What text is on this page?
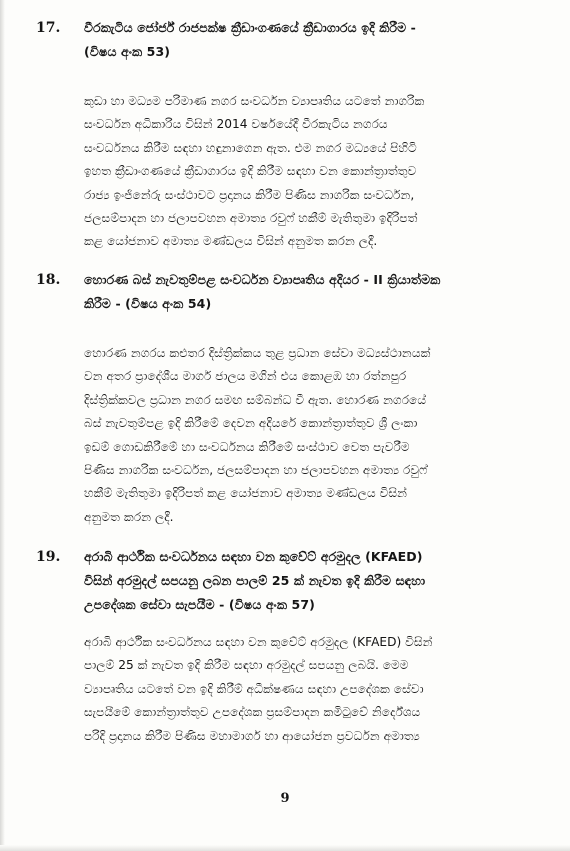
17.	වීරකැටිය ජෝර්ජ් රාජපක්ෂ ක්‍රීඩාංගණයේ ක්‍රීඩාගාරය ඉදි කිරීම -
(විෂය අංක 53)
කුඩා හා මධ්‍යම පරිමාණ නගර සංවර්ධන ව්‍යාපෘතිය යටතේ නාගරික
සංවර්ධන අධිකාරිය විසින් 2014 වර්ෂයේදී වීරකැටිය නගරය
සංවර්ධනය කිරීම සඳහා හඳුනාගෙන ඇත. එම නගර මධ්‍යයේ පිහිටි
ඉහත ක්‍රීඩාංගණයේ ක්‍රීඩාගාරය ඉදි කිරීම සඳහා වන කොන්ත්‍රාත්තුව
රාජ්‍ය ඉංජිනේරු සංස්ථාවට ප්‍රදානය කිරීම පිණිස නාගරික සංවර්ධන,
ජලසම්පාදන හා ජලාපවහන අමාත්‍ය රවුෆ් හකීම් මැතිතුමා ඉදිරිපත්
කළ යෝජනාව අමාත්‍ය මණ්ඩලය විසින් අනුමත කරන ලදී.
18.	හොරණ බස් නැවතුම්පළ සංවර්ධන ව්‍යාපෘතිය අදියර - II ක්‍රියාත්මක
කිරීම - (විෂය අංක 54)
හොරණ නගරය කළුතර දිස්ත්‍රික්කය තුළ ප්‍රධාන සේවා මධ්‍යස්ථානයක්
වන අතර ප්‍රාදේශීය මාර්ග ජාලය මගින් එය කොළඹ හා රත්නපුර
දිස්ත්‍රික්කවල ප්‍රධාන නගර සමඟ සම්බන්ධ වී ඇත. හොරණ නගරයේ
බස් නැවතුම්පළ ඉදි කිරීමේ දෙවන අදියරේ කොන්ත්‍රාත්තුව ශ්‍රී ලංකා
ඉඩම් ගොඩකිරීමේ හා සංවර්ධනය කිරීමේ සංස්ථාව වෙත පැවරීම
පිණිස නාගරික සංවර්ධන, ජලසම්පාදන හා ජලාපවහන අමාත්‍ය රවුෆ්
හකීම් මැතිතුමා ඉදිරිපත් කළ යෝජනාව අමාත්‍ය මණ්ඩලය විසින්
අනුමත කරන ලදී.
19.	අරාබි ආර්ථික සංවර්ධනය සඳහා වන කුවේට් අරමුදල (KFAED)
විසින් අරමුදල් සපයනු ලබන පාලම් 25 ක් නැවත ඉදි කිරීම සඳහා
උපදේශක සේවා සැපයීම - (විෂය අංක 57)
අරාබි ආර්ථික සංවර්ධනය සඳහා වන කුවේට් අරමුදල (KFAED) විසින්
පාලම් 25 ක් නැවත ඉදි කිරීම සඳහා අරමුදල් සපයනු ලබයි. මෙම
ව්‍යාපෘතිය යටතේ වන ඉදි කිරීම් අධීක්ෂණය සඳහා උපදේශක සේවා
සැපයීමේ කොන්ත්‍රාත්තුව උපදේශක ප්‍රසම්පාදන කමිටුවේ නිර්දේශය
පරිදි ප්‍රදානය කිරීම පිණිස මහාමාර්ග හා ආයෝජන ප්‍රවර්ධන අමාත්‍ය
9
